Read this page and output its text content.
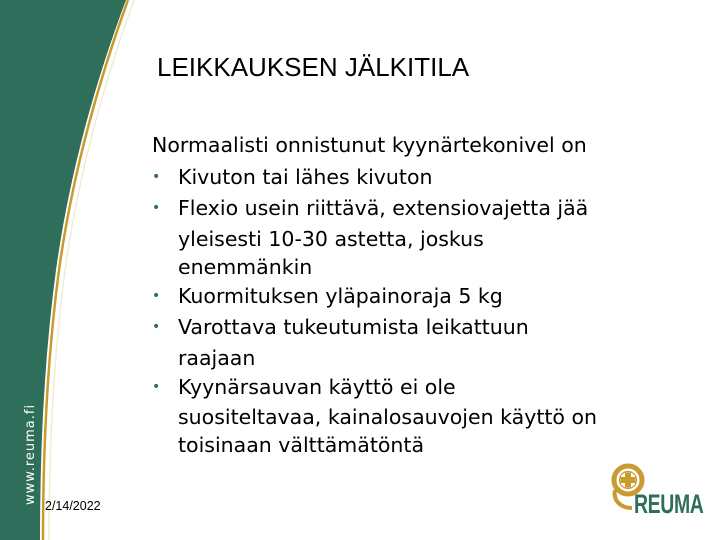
www.reuma.fi
LEIKKAUKSEN JÄLKITILA

Normaalisti onnistunut kyynärtekonivel on

• Kivuton tai lähes kivuton
• Flexio usein riittävä, extensiovajetta jää
yleisesti 10-30 astetta, joskus
enemmänkin
• Kuormituksen yläpainoraja 5 kg
• Varottava tukeutumista leikattuun
raajaan
• Kyynärsauvan käyttö ei ole
suositeltavaa, kainalosauvojen käyttö on
toisinaan välttämätöntä
2/14/2022	REUMA
